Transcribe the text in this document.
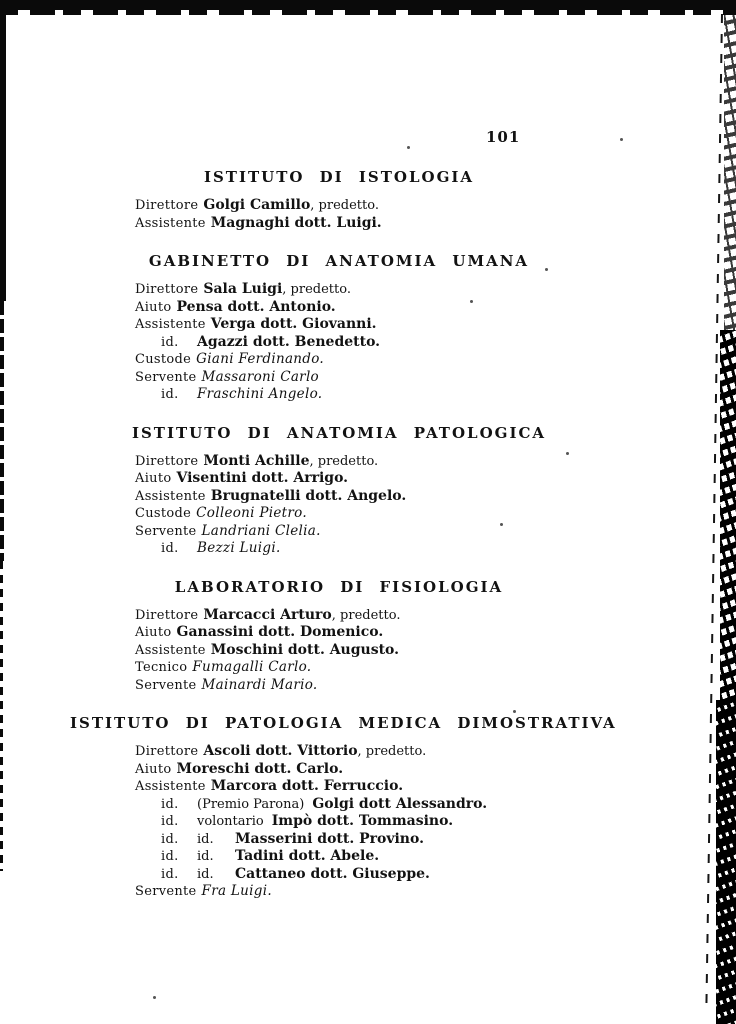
101
ISTITUTO DI ISTOLOGIA
Direttore Golgi Camillo, predetto.
Assistente Magnaghi dott. Luigi.
GABINETTO DI ANATOMIA UMANA
Direttore Sala Luigi, predetto.
Aiuto Pensa dott. Antonio.
Assistente Verga dott. Giovanni.
id. Agazzi dott. Benedetto.
Custode Giani Ferdinando.
Servente Massaroni Carlo
id. Fraschini Angelo.
ISTITUTO DI ANATOMIA PATOLOGICA
Direttore Monti Achille, predetto.
Aiuto Visentini dott. Arrigo.
Assistente Brugnatelli dott. Angelo.
Custode Colleoni Pietro.
Servente Landriani Clelia.
id. Bezzi Luigi.
LABORATORIO DI FISIOLOGIA
Direttore Marcacci Arturo, predetto.
Aiuto Ganassini dott. Domenico.
Assistente Moschini dott. Augusto.
Tecnico Fumagalli Carlo.
Servente Mainardi Mario.
ISTITUTO DI PATOLOGIA MEDICA DIMOSTRATIVA
Direttore Ascoli dott. Vittorio, predetto.
Aiuto Moreschi dott. Carlo.
Assistente Marcora dott. Ferruccio.
id. (Premio Parona) Golgi dott Alessandro.
id. volontario Impò dott. Tommasino.
id. id. Masserini dott. Provino.
id. id. Tadini dott. Abele.
id. id. Cattaneo dott. Giuseppe.
Servente Fra Luigi.
